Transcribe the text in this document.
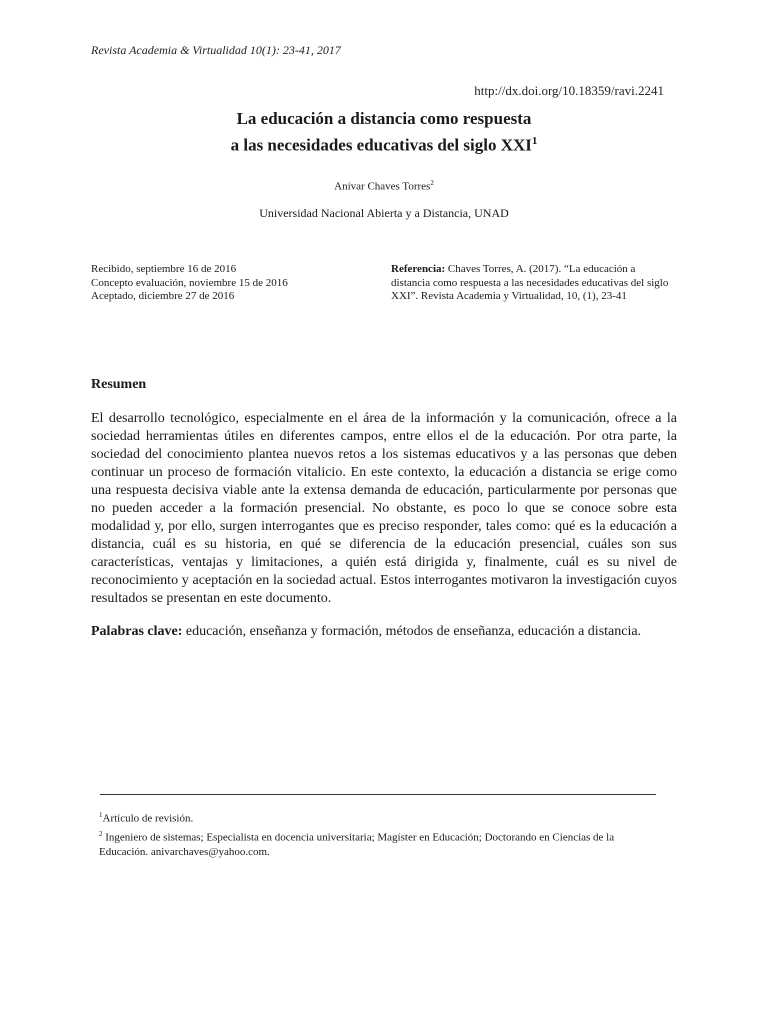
Revista Academia & Virtualidad 10(1): 23-41, 2017
http://dx.doi.org/10.18359/ravi.2241
La educación a distancia como respuesta
a las necesidades educativas del siglo XXI$^1$
Anívar Chaves Torres$^2$
Universidad Nacional Abierta y a Distancia, UNAD
Recibido, septiembre 16 de 2016
Concepto evaluación, noviembre 15 de 2016
Aceptado, diciembre 27 de 2016
Referencia: Chaves Torres, A. (2017). “La educación a distancia como respuesta a las necesidades educativas del siglo XXI”. Revista Academia y Virtualidad, 10, (1), 23-41
Resumen
El desarrollo tecnológico, especialmente en el área de la información y la comunicación, ofrece a la sociedad herramientas útiles en diferentes campos, entre ellos el de la educación. Por otra parte, la sociedad del conocimiento plantea nuevos retos a los sistemas educativos y a las personas que deben continuar un proceso de formación vitalicio. En este contexto, la educación a distancia se erige como una respuesta decisiva viable ante la extensa demanda de educación, particularmente por personas que no pueden acceder a la formación presencial. No obstante, es poco lo que se conoce sobre esta modalidad y, por ello, surgen interrogantes que es preciso responder, tales como: qué es la educación a distancia, cuál es su historia, en qué se diferencia de la educación presencial, cuáles son sus características, ventajas y limitaciones, a quién está dirigida y, finalmente, cuál es su nivel de reconocimiento y aceptación en la sociedad actual. Estos interrogantes motivaron la investigación cuyos resultados se presentan en este documento.
Palabras clave: educación, enseñanza y formación, métodos de enseñanza, educación a distancia.
$^1$Artículo de revisión.
$^2$ Ingeniero de sistemas; Especialista en docencia universitaria; Magíster en Educación; Doctorando en Ciencias de la Educación. anivarchaves@yahoo.com.
